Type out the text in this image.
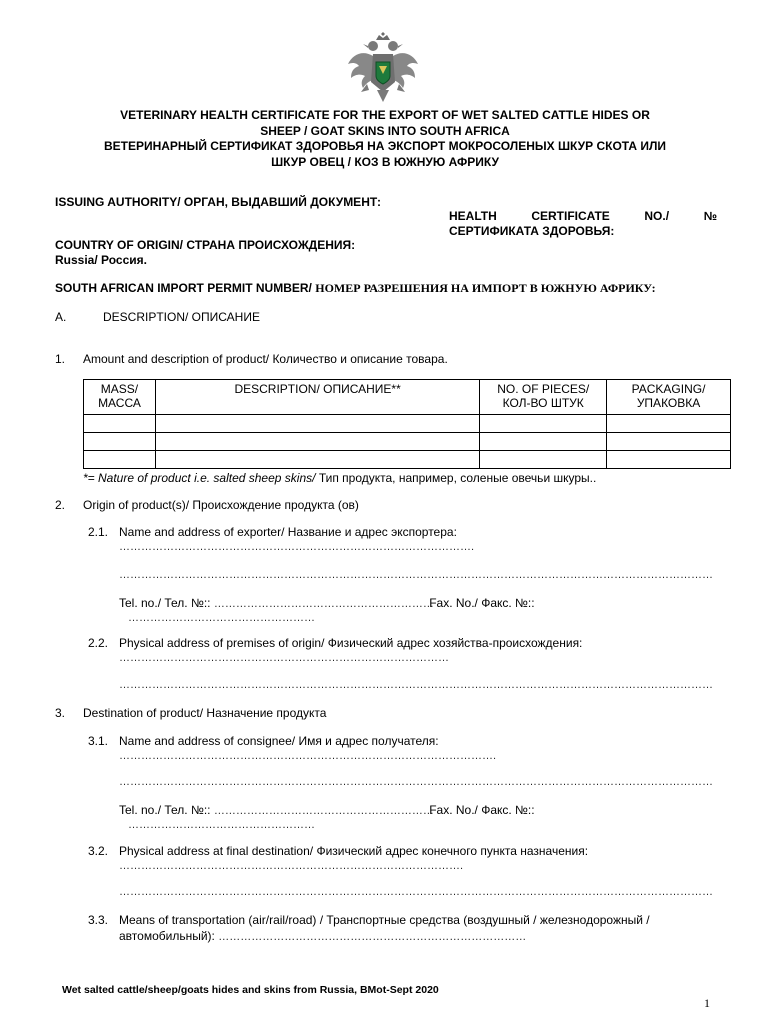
VETERINARY HEALTH CERTIFICATE FOR THE EXPORT OF WET SALTED CATTLE HIDES OR
SHEEP / GOAT SKINS INTO SOUTH AFRICA
ВЕТЕРИНАРНЫЙ СЕРТИФИКАТ ЗДОРОВЬЯ НА ЭКСПОРТ МОКРОСОЛЕНЫХ ШКУР СКОТА ИЛИ
ШКУР ОВЕЦ / КОЗ В ЮЖНУЮ АФРИКУ
ISSUING AUTHORITY/ ОРГАН, ВЫДАВШИЙ ДОКУМЕНТ:
HEALTH CERTIFICATE NO./ №
СЕРТИФИКАТА ЗДОРОВЬЯ:
COUNTRY OF ORIGIN/ СТРАНА ПРОИСХОЖДЕНИЯ:
Russia/ Россия.
SOUTH AFRICAN IMPORT PERMIT NUMBER/ НОМЕР РАЗРЕШЕНИЯ НА ИМПОРТ В ЮЖНУЮ АФРИКУ:
A.	DESCRIPTION/ ОПИСАНИЕ
1. Amount and description of product/ Количество и описание товара.
MASS/ МАССА	DESCRIPTION/ ОПИСАНИЕ**	NO. OF PIECES/ КОЛ-ВО ШТУК	PACKAGING/ УПАКОВКА

*= Nature of product i.e. salted sheep skins/ Тип продукта, например, соленые овечьи шкуры..
2. Origin of product(s)/ Происхождение продукта (ов)
2.1. Name and address of exporter/ Название и адрес экспортера:
…………………………………………………………………………………….
………………………………………………………………………………………………………………………………………………
Tel. no./ Тел. №:: …………………………………………………… Fax. No./ Факс. №::
……………………………………………
2.2. Physical address of premises of origin/ Физический адрес хозяйства-происхождения:
………………………………………………………………………………
………………………………………………………………………………………………………………………………………………
3. Destination of product/ Назначение продукта
3.1. Name and address of consignee/ Имя и адрес получателя:
………………………………………………………………………………………….
………………………………………………………………………………………………………………………………………………
Tel. no./ Тел. №:: …………………………………………………… Fax. No./ Факс. №::
……………………………………………
3.2. Physical address at final destination/ Физический адрес конечного пункта назначения:
………………………………………………………………………………….
………………………………………………………………………………………………………………………………………………
3.3. Means of transportation (air/rail/road) / Транспортные средства (воздушный / железнодорожный /
автомобильный): …………………………………………………………………………
Wet salted cattle/sheep/goats hides and skins from Russia, BMot-Sept 2020
1
